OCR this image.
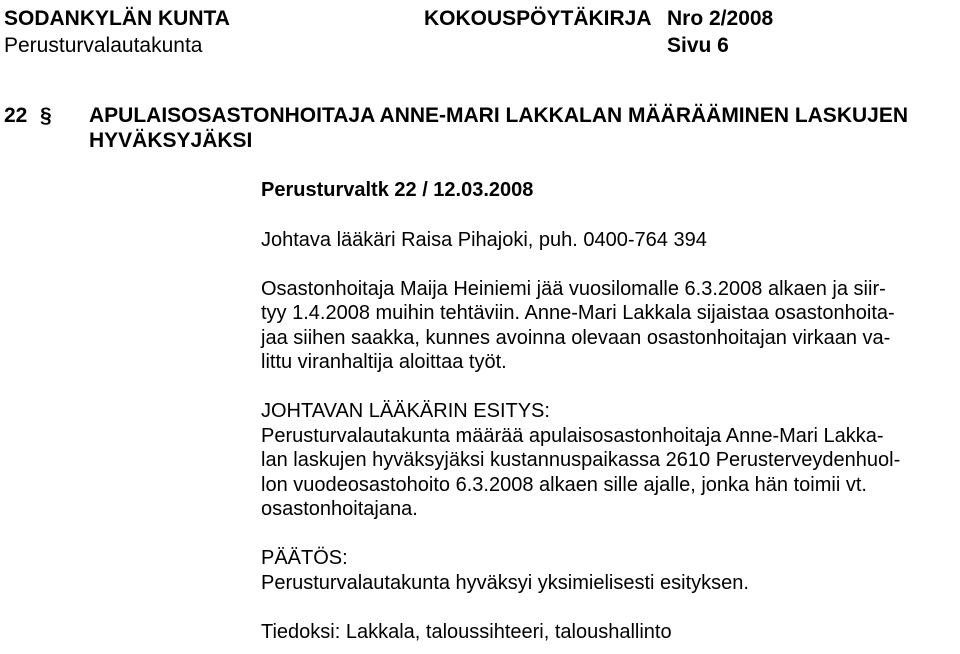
SODANKYLÄN KUNTA	KOKOUSPÖYTÄKIRJA Nro 2/2008
Perusturvalautakunta	Sivu 6
22 § APULAISOSASTONHOITAJA ANNE-MARI LAKKALAN MÄÄRÄÄMINEN LASKUJEN
HYVÄKSYJÄKSI

Perusturvaltk 22 / 12.03.2008

Johtava lääkäri Raisa Pihajoki, puh. 0400-764 394

Osastonhoitaja Maija Heiniemi jää vuosilomalle 6.3.2008 alkaen ja siir-

tyy 1.4.2008 muihin tehtäviin. Anne-Mari Lakkala sijaistaa osastonhoita-

jaa siihen saakka, kunnes avoinna olevaan osastonhoitajan virkaan va-

littu viranhaltija aloittaa työt.

JOHTAVAN LÄÄKÄRIN ESITYS:

Perusturvalautakunta määrää apulaisosastonhoitaja Anne-Mari Lakka-

lan laskujen hyväksyjäksi kustannuspaikassa 2610 Perusterveydenhuol-

lon vuodeosastohoito 6.3.2008 alkaen sille ajalle, jonka hän toimii vt.

osastonhoitajana.

PÄÄTÖS:

Perusturvalautakunta hyväksyi yksimielisesti esityksen.

Tiedoksi: Lakkala, taloussihteeri, taloushallinto
